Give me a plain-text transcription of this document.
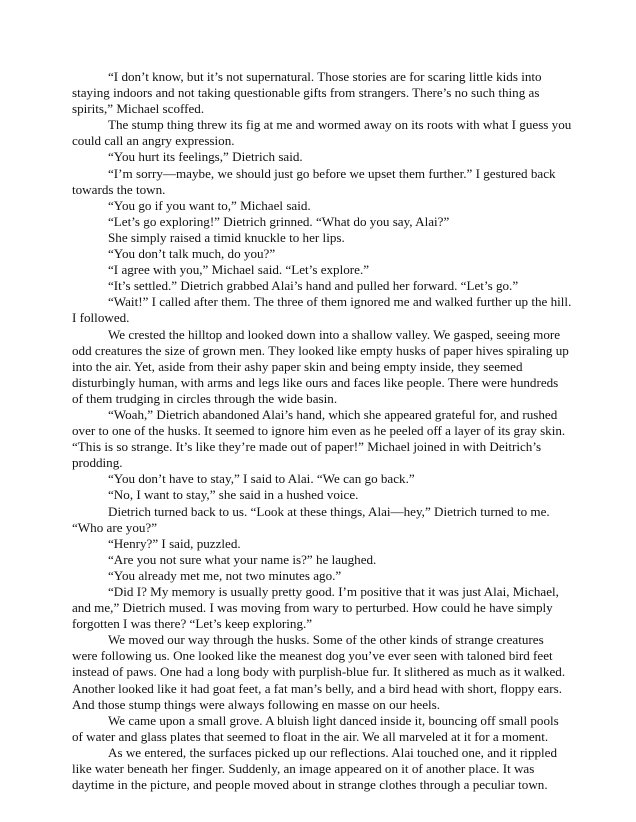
“I don’t know, but it’s not supernatural. Those stories are for scaring little kids into staying indoors and not taking questionable gifts from strangers. There’s no such thing as spirits,” Michael scoffed.

The stump thing threw its fig at me and wormed away on its roots with what I guess you could call an angry expression.

“You hurt its feelings,” Dietrich said.

“I’m sorry—maybe, we should just go before we upset them further.” I gestured back towards the town.

“You go if you want to,” Michael said.

“Let’s go exploring!” Dietrich grinned. “What do you say, Alai?”

She simply raised a timid knuckle to her lips.

“You don’t talk much, do you?”

“I agree with you,” Michael said. “Let’s explore.”

“It’s settled.” Dietrich grabbed Alai’s hand and pulled her forward. “Let’s go.”

“Wait!” I called after them. The three of them ignored me and walked further up the hill. I followed.

We crested the hilltop and looked down into a shallow valley. We gasped, seeing more odd creatures the size of grown men. They looked like empty husks of paper hives spiraling up into the air. Yet, aside from their ashy paper skin and being empty inside, they seemed disturbingly human, with arms and legs like ours and faces like people. There were hundreds of them trudging in circles through the wide basin.

“Woah,” Dietrich abandoned Alai’s hand, which she appeared grateful for, and rushed over to one of the husks. It seemed to ignore him even as he peeled off a layer of its gray skin. “This is so strange. It’s like they’re made out of paper!” Michael joined in with Deitrich’s prodding.

“You don’t have to stay,” I said to Alai. “We can go back.”

“No, I want to stay,” she said in a hushed voice.

Dietrich turned back to us. “Look at these things, Alai—hey,” Dietrich turned to me. “Who are you?”

“Henry?” I said, puzzled.

“Are you not sure what your name is?” he laughed.

“You already met me, not two minutes ago.”

“Did I? My memory is usually pretty good. I’m positive that it was just Alai, Michael, and me,” Dietrich mused. I was moving from wary to perturbed. How could he have simply forgotten I was there? “Let’s keep exploring.”

We moved our way through the husks. Some of the other kinds of strange creatures were following us. One looked like the meanest dog you’ve ever seen with taloned bird feet instead of paws. One had a long body with purplish-blue fur. It slithered as much as it walked. Another looked like it had goat feet, a fat man’s belly, and a bird head with short, floppy ears. And those stump things were always following en masse on our heels.

We came upon a small grove. A bluish light danced inside it, bouncing off small pools of water and glass plates that seemed to float in the air. We all marveled at it for a moment.

As we entered, the surfaces picked up our reflections. Alai touched one, and it rippled like water beneath her finger. Suddenly, an image appeared on it of another place. It was daytime in the picture, and people moved about in strange clothes through a peculiar town.
